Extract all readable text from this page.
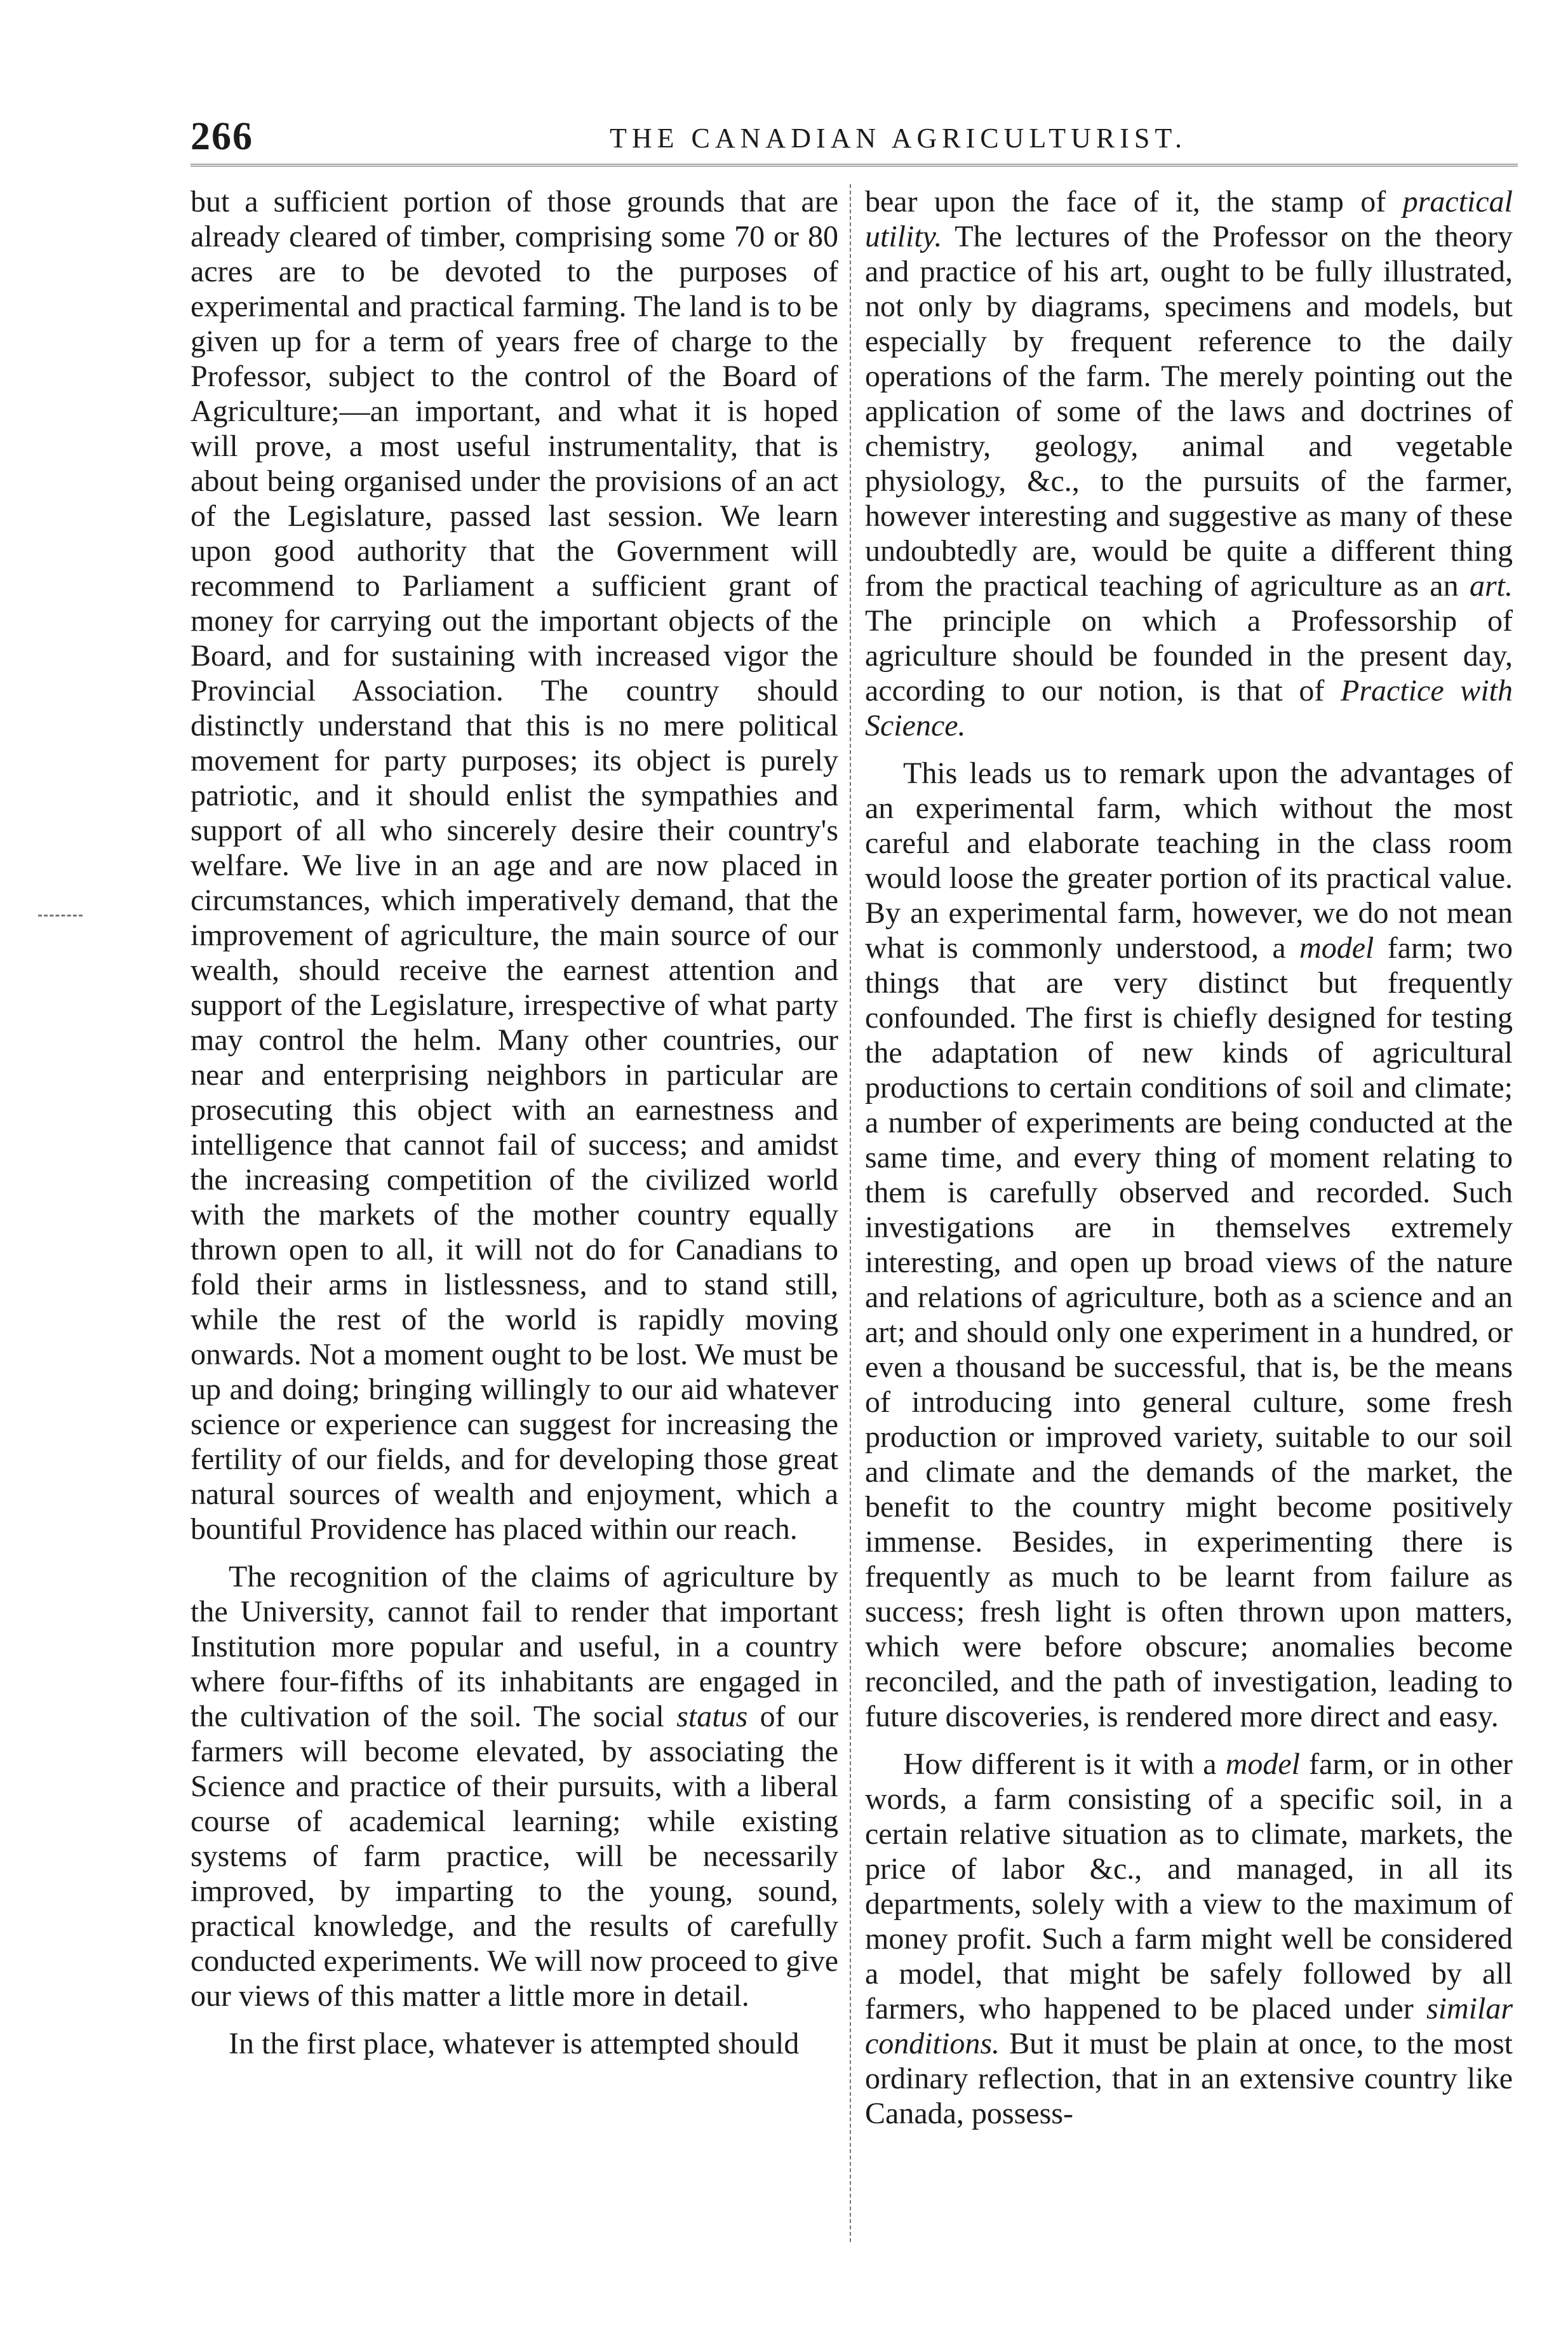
266	THE CANADIAN AGRICULTURIST.

but a sufficient portion of those grounds that are already cleared of timber, comprising some 70 or 80 acres are to be devoted to the purposes of experimental and practical farming. The land is to be given up for a term of years free of charge to the Professor, subject to the control of the Board of Agriculture;—an important, and what it is hoped will prove, a most useful instrumentality, that is about being organised under the provisions of an act of the Legislature, passed last session. We learn upon good authority that the Government will recommend to Parliament a sufficient grant of money for carrying out the important objects of the Board, and for sustaining with increased vigor the Provincial Association. The country should distinctly understand that this is no mere political movement for party purposes; its object is purely patriotic, and it should enlist the sympathies and support of all who sincerely desire their country's welfare. We live in an age and are now placed in circumstances, which imperatively demand, that the improvement of agriculture, the main source of our wealth, should receive the earnest attention and support of the Legislature, irrespective of what party may control the helm. Many other countries, our near and enterprising neighbors in particular are prosecuting this object with an earnestness and intelligence that cannot fail of success; and amidst the increasing competition of the civilized world with the markets of the mother country equally thrown open to all, it will not do for Canadians to fold their arms in listlessness, and to stand still, while the rest of the world is rapidly moving onwards. Not a moment ought to be lost. We must be up and doing; bringing willingly to our aid whatever science or experience can suggest for increasing the fertility of our fields, and for developing those great natural sources of wealth and enjoyment, which a bountiful Providence has placed within our reach.

The recognition of the claims of agriculture by the University, cannot fail to render that important Institution more popular and useful, in a country where four-fifths of its inhabitants are engaged in the cultivation of the soil. The social status of our farmers will become elevated, by associating the Science and practice of their pursuits, with a liberal course of academical learning; while existing systems of farm practice, will be necessarily improved, by imparting to the young, sound, practical knowledge, and the results of carefully conducted experiments. We will now proceed to give our views of this matter a little more in detail.

In the first place, whatever is attempted should

bear upon the face of it, the stamp of practical utility. The lectures of the Professor on the theory and practice of his art, ought to be fully illustrated, not only by diagrams, specimens and models, but especially by frequent reference to the daily operations of the farm. The merely pointing out the application of some of the laws and doctrines of chemistry, geology, animal and vegetable physiology, &c., to the pursuits of the farmer, however interesting and suggestive as many of these undoubtedly are, would be quite a different thing from the practical teaching of agriculture as an art. The principle on which a Professorship of agriculture should be founded in the present day, according to our notion, is that of Practice with Science.

This leads us to remark upon the advantages of an experimental farm, which without the most careful and elaborate teaching in the class room would loose the greater portion of its practical value. By an experimental farm, however, we do not mean what is commonly understood, a model farm; two things that are very distinct but frequently confounded. The first is chiefly designed for testing the adaptation of new kinds of agricultural productions to certain conditions of soil and climate; a number of experiments are being conducted at the same time, and every thing of moment relating to them is carefully observed and recorded. Such investigations are in themselves extremely interesting, and open up broad views of the nature and relations of agriculture, both as a science and an art; and should only one experiment in a hundred, or even a thousand be successful, that is, be the means of introducing into general culture, some fresh production or improved variety, suitable to our soil and climate and the demands of the market, the benefit to the country might become positively immense. Besides, in experimenting there is frequently as much to be learnt from failure as success; fresh light is often thrown upon matters, which were before obscure; anomalies become reconciled, and the path of investigation, leading to future discoveries, is rendered more direct and easy.

How different is it with a model farm, or in other words, a farm consisting of a specific soil, in a certain relative situation as to climate, markets, the price of labor &c., and managed, in all its departments, solely with a view to the maximum of money profit. Such a farm might well be considered a model, that might be safely followed by all farmers, who happened to be placed under similar conditions. But it must be plain at once, to the most ordinary reflection, that in an extensive country like Canada, possess-
